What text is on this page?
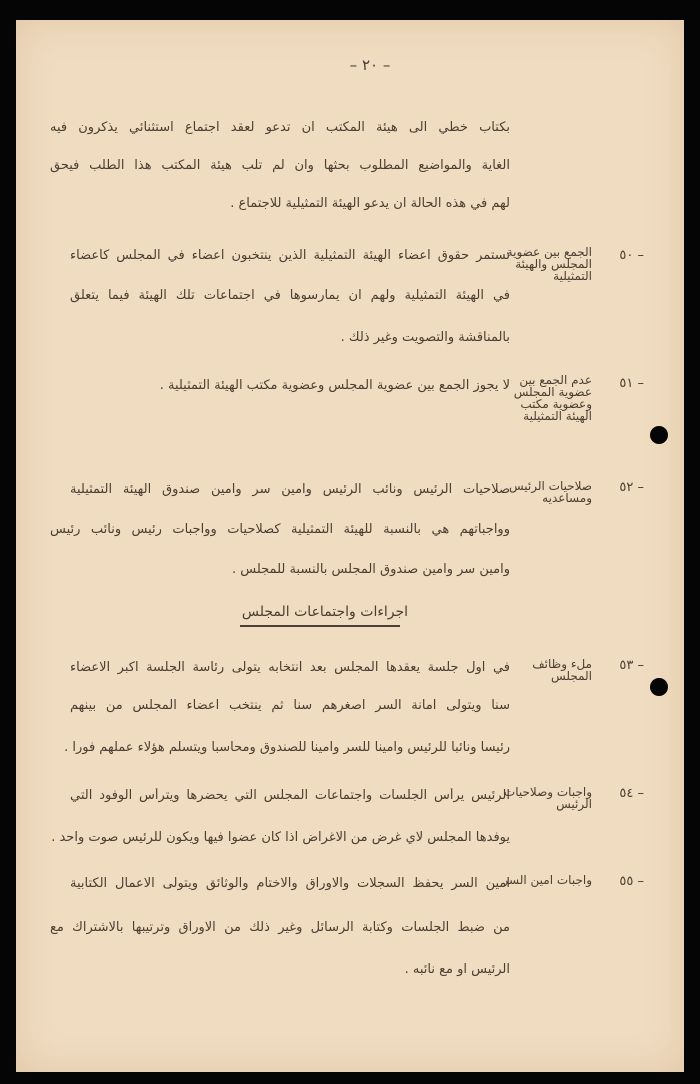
– ٢٠ –
بكتاب خطي الى هيئة المكتب ان تدعو لعقد اجتماع استثنائي يذكرون فيه
الغاية والمواضيع المطلوب بحثها وان لم تلب هيئة المكتب هذا الطلب فيحق
لهم في هذه الحالة ان يدعو الهيئة التمثيلية للاجتماع .
٥٠ –
الجمع بين عضوية المجلس والهيئة التمثيلية
تستمر حقوق اعضاء الهيئة التمثيلية الذين ينتخبون اعضاء في المجلس كأعضاء
في الهيئة التمثيلية ولهم ان يمارسوها في اجتماعات تلك الهيئة فيما يتعلق
بالمناقشة والتصويت وغير ذلك .
٥١ –
عدم الجمع بين عضوية المجلس وعضوية مكتب الهيئة التمثيلية
لا يجوز الجمع بين عضوية المجلس وعضوية مكتب الهيئة التمثيلية .
٥٢ –
صلاحيات الرئيس ومساعديه
صلاحيات الرئيس ونائب الرئيس وامين سر وامين صندوق الهيئة التمثيلية
وواجباتهم هي بالنسبة للهيئة التمثيلية كصلاحيات وواجبات رئيس ونائب رئيس
وامين سر وامين صندوق المجلس بالنسبة للمجلس .
اجراءات واجتماعات المجلس
٥٣ –
ملء وظائف المجلس
في اول جلسة يعقدها المجلس بعد انتخابه يتولى رئاسة الجلسة اكبر الاعضاء
سنا ويتولى امانة السر اصغرهم سنا ثم ينتخب اعضاء المجلس من بينهم
رئيسا ونائبا للرئيس وامينا للسر وامينا للصندوق ومحاسبا ويتسلم هؤلاء عملهم فورا .
٥٤ –
واجبات وصلاحيات الرئيس
الرئيس يرأس الجلسات واجتماعات المجلس التي يحضرها ويترأس الوفود التي
يوفدها المجلس لاي غرض من الاغراض اذا كان عضوا فيها ويكون للرئيس صوت واحد .
٥٥ –
واجبات امين السر
امين السر يحفظ السجلات والاوراق والاختام والوثائق ويتولى الاعمال الكتابية
من ضبط الجلسات وكتابة الرسائل وغير ذلك من الاوراق وترتيبها بالاشتراك مع
الرئيس او مع نائبه .
